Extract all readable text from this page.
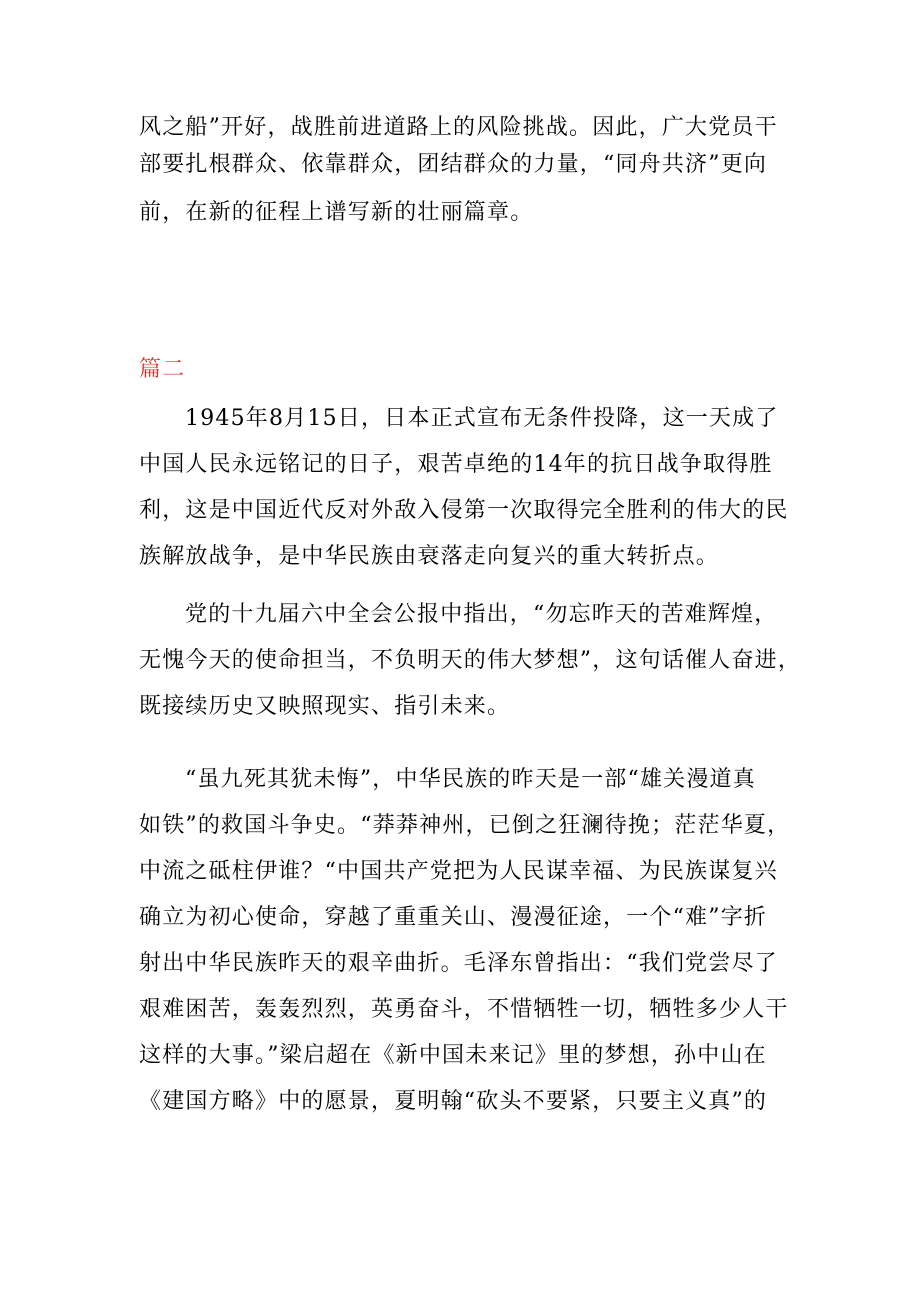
风之船”开好，战胜前进道路上的风险挑战。因此，广大党员干
部要扎根群众、依靠群众，团结群众的力量，“同舟共济”更向
前，在新的征程上谱写新的壮丽篇章。
篇二
1945年8月15日，日本正式宣布无条件投降，这一天成了
中国人民永远铭记的日子，艰苦卓绝的14年的抗日战争取得胜
利，这是中国近代反对外敌入侵第一次取得完全胜利的伟大的民
族解放战争，是中华民族由衰落走向复兴的重大转折点。
党的十九届六中全会公报中指出，“勿忘昨天的苦难辉煌，
无愧今天的使命担当，不负明天的伟大梦想”，这句话催人奋进，
既接续历史又映照现实、指引未来。
“虽九死其犹未悔”，中华民族的昨天是一部“雄关漫道真
如铁”的救国斗争史。“莽莽神州，已倒之狂澜待挽；茫茫华夏，
中流之砥柱伊谁？“中国共产党把为人民谋幸福、为民族谋复兴
确立为初心使命，穿越了重重关山、漫漫征途，一个“难”字折
射出中华民族昨天的艰辛曲折。毛泽东曾指出：“我们党尝尽了
艰难困苦，轰轰烈烈，英勇奋斗，不惜牺牲一切，牺牲多少人干
这样的大事。”梁启超在《新中国未来记》里的梦想，孙中山在
《建国方略》中的愿景，夏明翰“砍头不要紧，只要主义真”的
